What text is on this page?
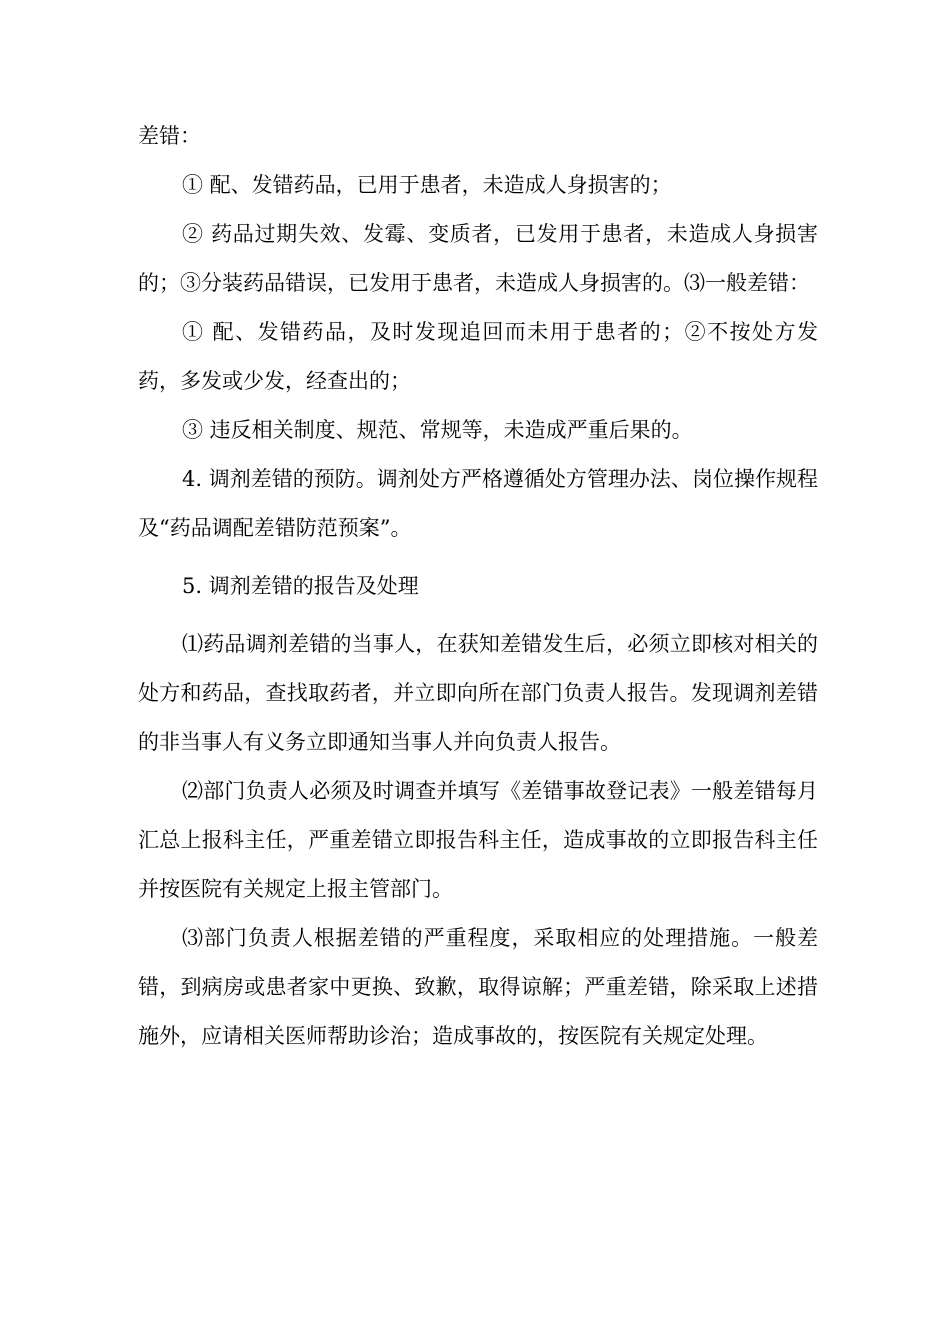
差错：

① 配、发错药品，已用于患者，未造成人身损害的；

② 药品过期失效、发霉、变质者，已发用于患者，未造成人身损害的；③分装药品错误，已发用于患者，未造成人身损害的。⑶一般差错：

① 配、发错药品，及时发现追回而未用于患者的；②不按处方发药，多发或少发，经查出的；

③ 违反相关制度、规范、常规等，未造成严重后果的。

4. 调剂差错的预防。调剂处方严格遵循处方管理办法、岗位操作规程及“药品调配差错防范预案”。

5. 调剂差错的报告及处理

⑴药品调剂差错的当事人，在获知差错发生后，必须立即核对相关的处方和药品，查找取药者，并立即向所在部门负责人报告。发现调剂差错的非当事人有义务立即通知当事人并向负责人报告。

⑵部门负责人必须及时调查并填写《差错事故登记表》一般差错每月汇总上报科主任，严重差错立即报告科主任，造成事故的立即报告科主任并按医院有关规定上报主管部门。

⑶部门负责人根据差错的严重程度，采取相应的处理措施。一般差错，到病房或患者家中更换、致歉，取得谅解；严重差错，除采取上述措施外，应请相关医师帮助诊治；造成事故的，按医院有关规定处理。
